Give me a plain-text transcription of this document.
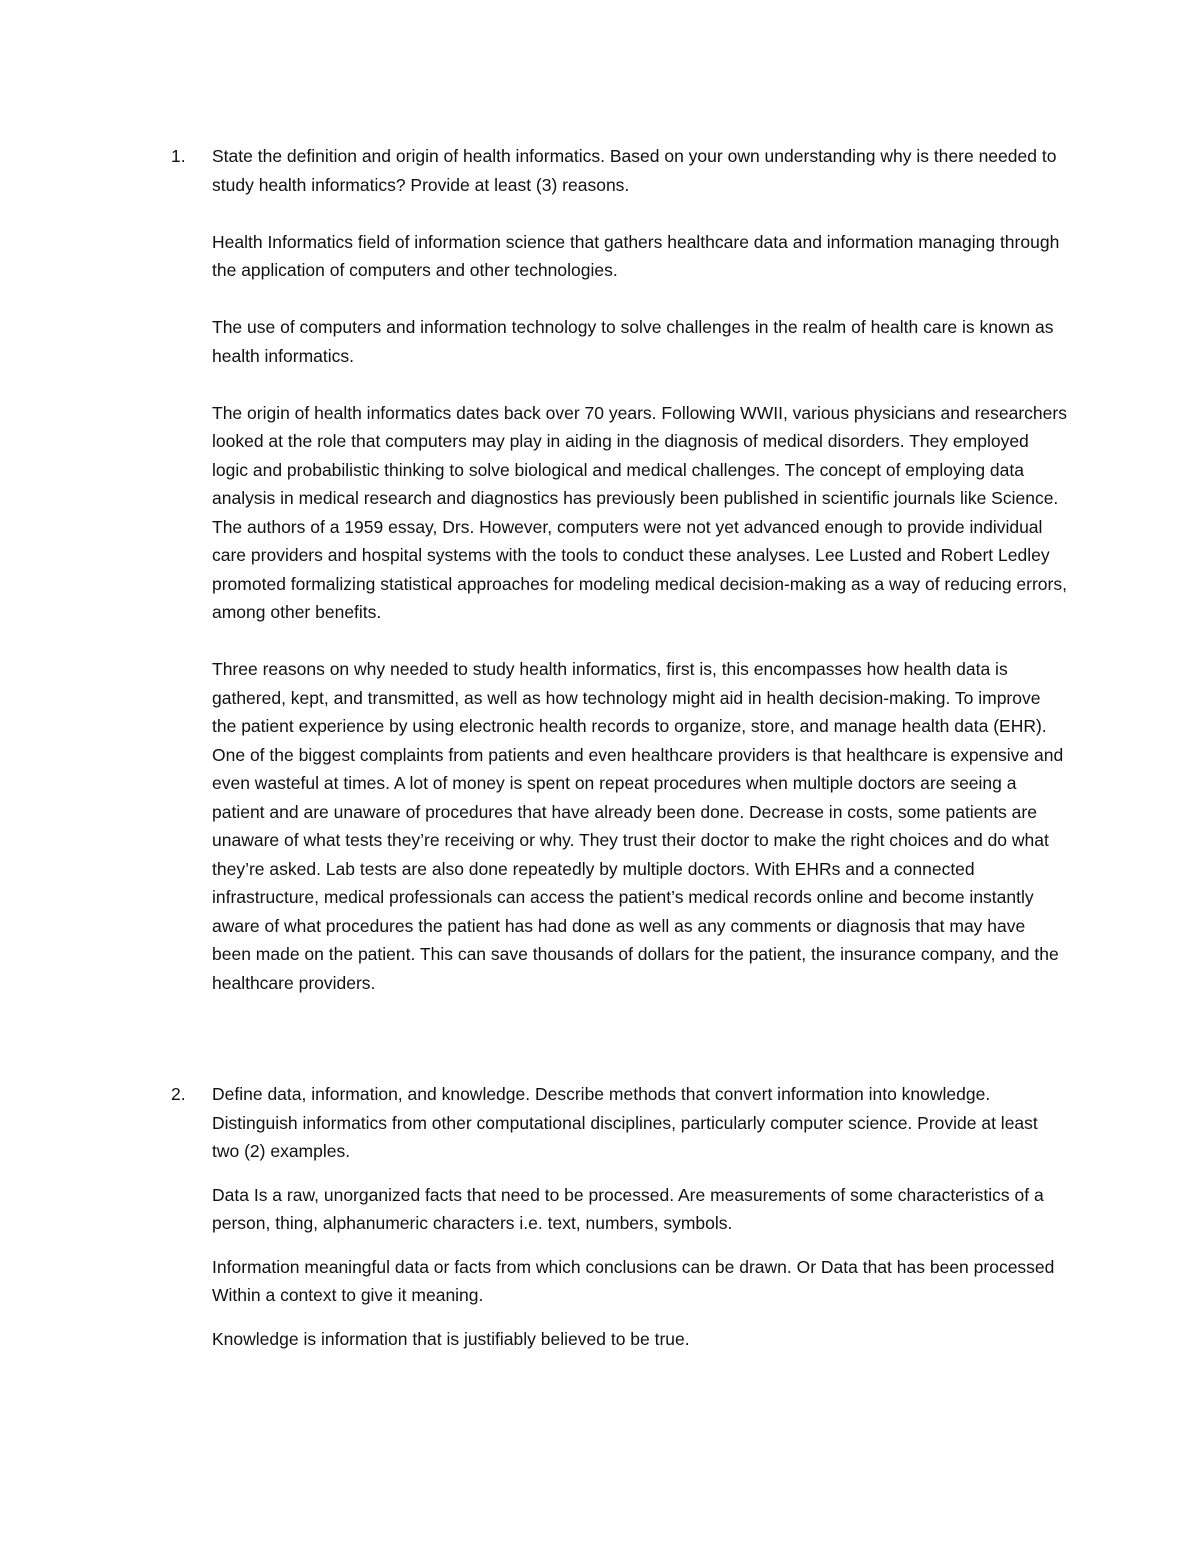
1. State the definition and origin of health informatics. Based on your own understanding why is there needed to study health informatics? Provide at least (3) reasons.

Health Informatics field of information science that gathers healthcare data and information managing through the application of computers and other technologies.

The use of computers and information technology to solve challenges in the realm of health care is known as health informatics.

The origin of health informatics dates back over 70 years. Following WWII, various physicians and researchers looked at the role that computers may play in aiding in the diagnosis of medical disorders. They employed logic and probabilistic thinking to solve biological and medical challenges. The concept of employing data analysis in medical research and diagnostics has previously been published in scientific journals like Science. The authors of a 1959 essay, Drs. However, computers were not yet advanced enough to provide individual care providers and hospital systems with the tools to conduct these analyses. Lee Lusted and Robert Ledley promoted formalizing statistical approaches for modeling medical decision-making as a way of reducing errors, among other benefits.

Three reasons on why needed to study health informatics, first is, this encompasses how health data is gathered, kept, and transmitted, as well as how technology might aid in health decision-making. To improve the patient experience by using electronic health records to organize, store, and manage health data (EHR). One of the biggest complaints from patients and even healthcare providers is that healthcare is expensive and even wasteful at times. A lot of money is spent on repeat procedures when multiple doctors are seeing a patient and are unaware of procedures that have already been done. Decrease in costs, some patients are unaware of what tests they’re receiving or why. They trust their doctor to make the right choices and do what they’re asked. Lab tests are also done repeatedly by multiple doctors. With EHRs and a connected infrastructure, medical professionals can access the patient’s medical records online and become instantly aware of what procedures the patient has had done as well as any comments or diagnosis that may have been made on the patient. This can save thousands of dollars for the patient, the insurance company, and the healthcare providers.

2. Define data, information, and knowledge. Describe methods that convert information into knowledge. Distinguish informatics from other computational disciplines, particularly computer science. Provide at least two (2) examples.

Data Is a raw, unorganized facts that need to be processed. Are measurements of some characteristics of a person, thing, alphanumeric characters i.e. text, numbers, symbols.

Information meaningful data or facts from which conclusions can be drawn. Or Data that has been processed Within a context to give it meaning.

Knowledge is information that is justifiably believed to be true.
